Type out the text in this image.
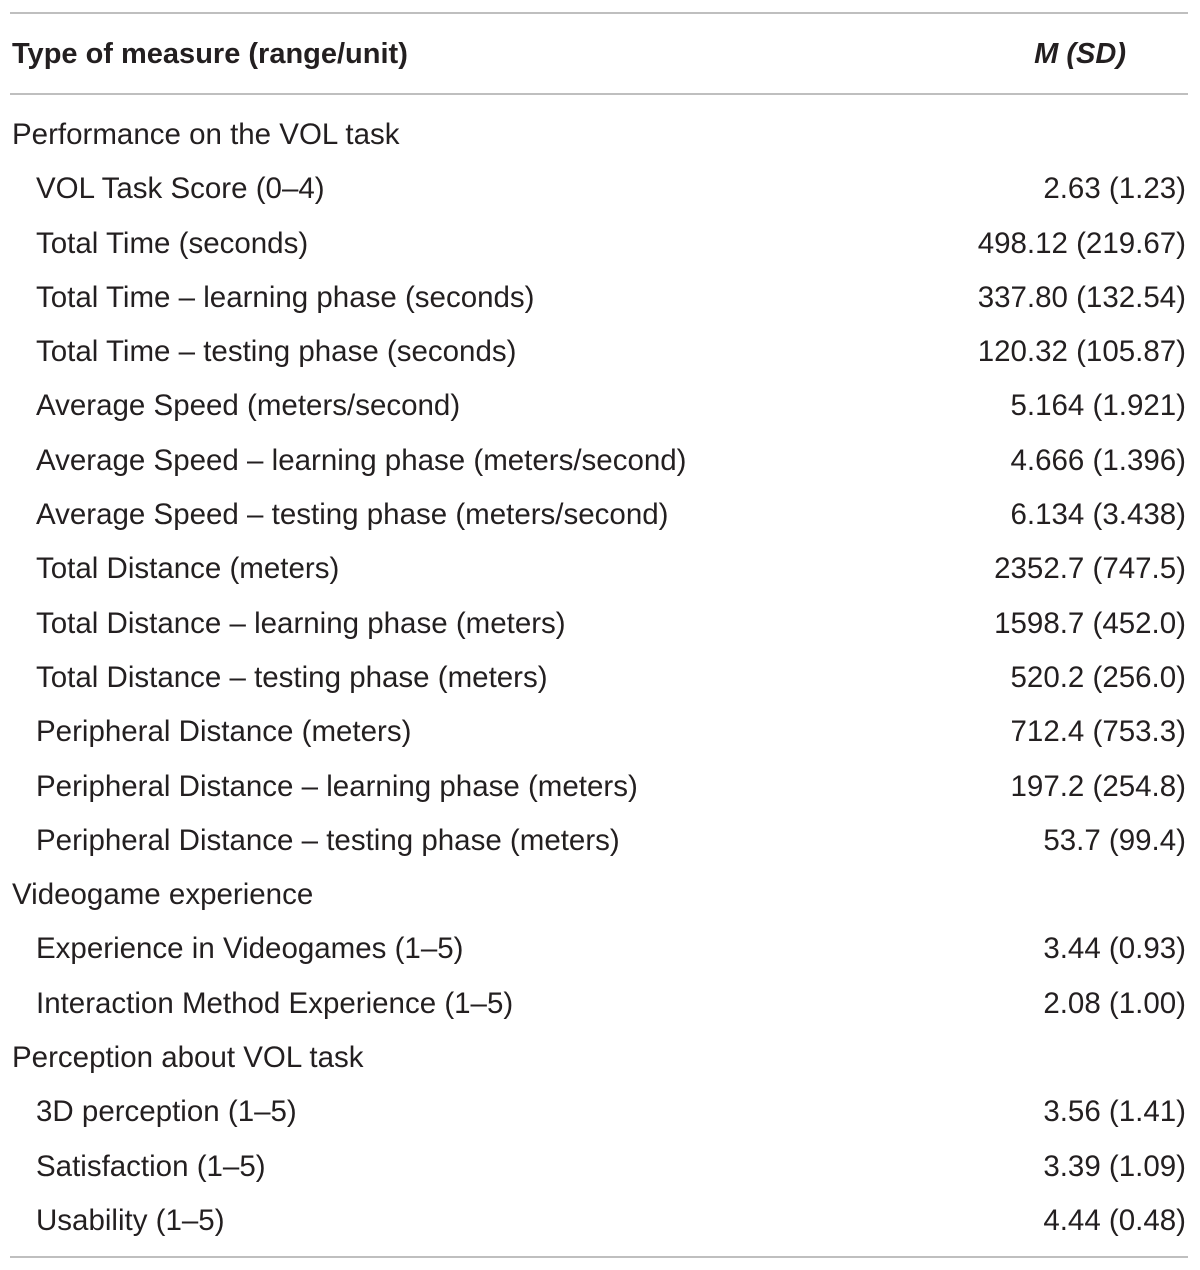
Type of measure (range/unit)	M (SD)
Performance on the VOL task
VOL Task Score (0–4)	2.63 (1.23)
Total Time (seconds)	498.12 (219.67)
Total Time – learning phase (seconds)	337.80 (132.54)
Total Time – testing phase (seconds)	120.32 (105.87)
Average Speed (meters/second)	5.164 (1.921)
Average Speed – learning phase (meters/second)	4.666 (1.396)
Average Speed – testing phase (meters/second)	6.134 (3.438)
Total Distance (meters)	2352.7 (747.5)
Total Distance – learning phase (meters)	1598.7 (452.0)
Total Distance – testing phase (meters)	520.2 (256.0)
Peripheral Distance (meters)	712.4 (753.3)
Peripheral Distance – learning phase (meters)	197.2 (254.8)
Peripheral Distance – testing phase (meters)	53.7 (99.4)
Videogame experience
Experience in Videogames (1–5)	3.44 (0.93)
Interaction Method Experience (1–5)	2.08 (1.00)
Perception about VOL task
3D perception (1–5)	3.56 (1.41)
Satisfaction (1–5)	3.39 (1.09)
Usability (1–5)	4.44 (0.48)
